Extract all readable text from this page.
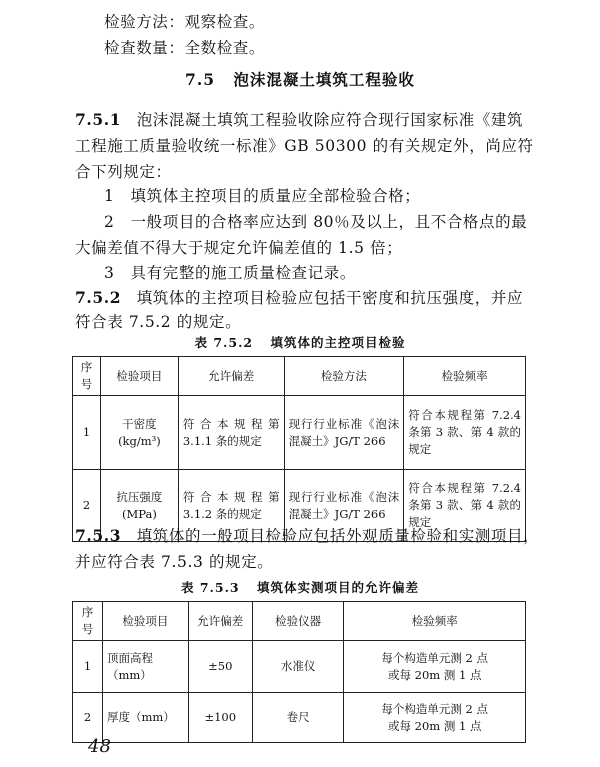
检验方法：观察检查。
检查数量：全数检查。
7.5 泡沫混凝土填筑工程验收
7.5.1 泡沫混凝土填筑工程验收除应符合现行国家标准《建筑
工程施工质量验收统一标准》GB 50300 的有关规定外，尚应符
合下列规定：
1　填筑体主控项目的质量应全部检验合格；
2　一般项目的合格率应达到 80％及以上，且不合格点的最
大偏差值不得大于规定允许偏差值的 1.5 倍；
3　具有完整的施工质量检查记录。
7.5.2 填筑体的主控项目检验应包括干密度和抗压强度，并应
符合表 7.5.2 的规定。
表 7.5.2 填筑体的主控项目检验
序号	检验项目	允许偏差	检验方法	检验频率
1	干密度
(kg/m³)	符合本规程第 3.1.1 条的规定	现行行业标准《泡沫混凝土》JG/T 266	符合本规程第 7.2.4 条第 3 款、第 4 款的规定
2	抗压强度
(MPa)	符合本规程第 3.1.2 条的规定	现行行业标准《泡沫混凝土》JG/T 266	符合本规程第 7.2.4 条第 3 款、第 4 款的规定
7.5.3 填筑体的一般项目检验应包括外观质量检验和实测项目，
并应符合表 7.5.3 的规定。
表 7.5.3 填筑体实测项目的允许偏差
序号	检验项目	允许偏差	检验仪器	检验频率
1	顶面高程（mm）	±50	水准仪	每个构造单元测 2 点
或每 20m 测 1 点

2	厚度（mm）	±100	卷尺	每个构造单元测 2 点
或每 20m 测 1 点
48
